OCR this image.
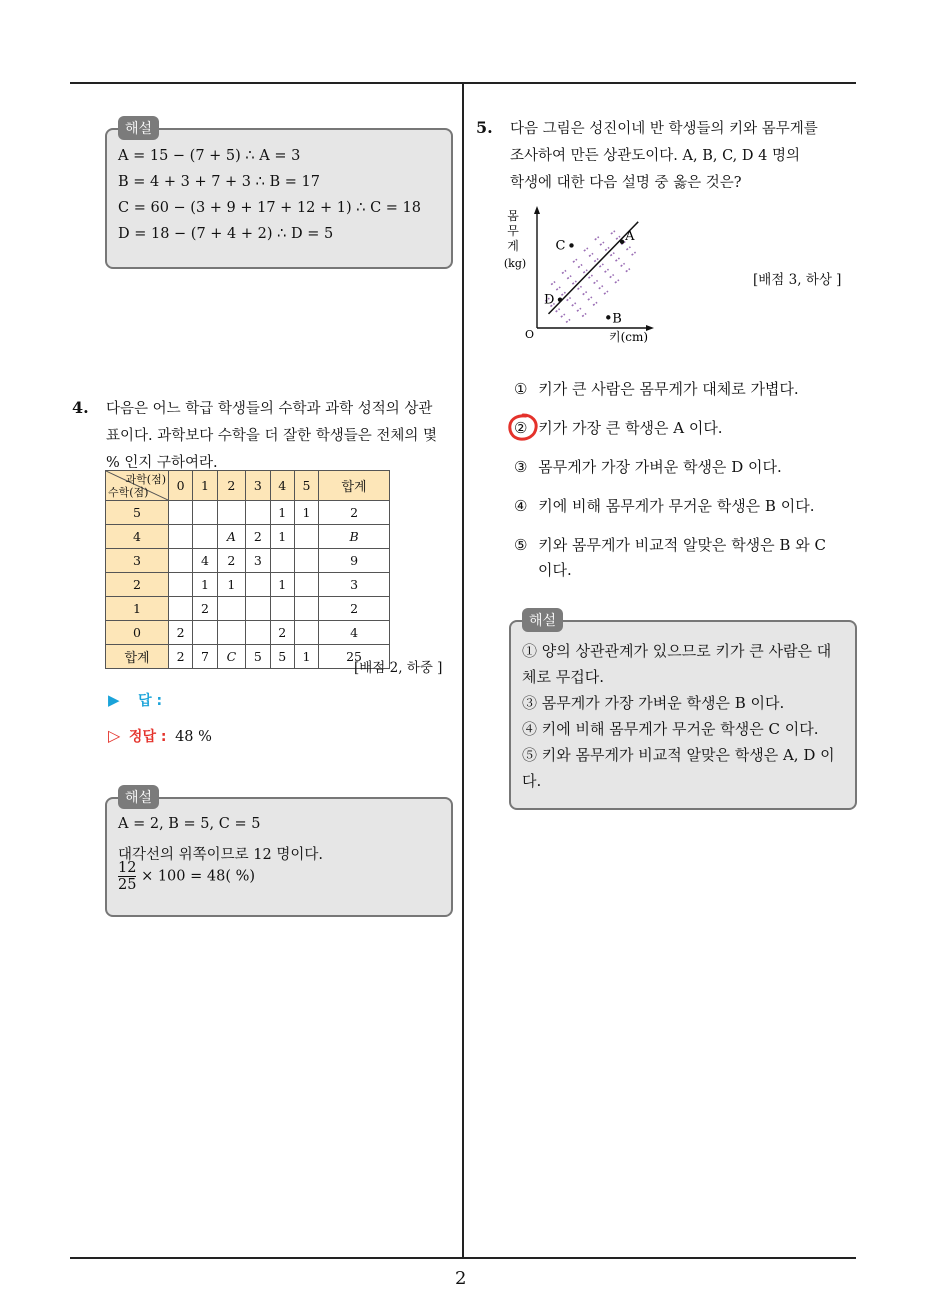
2
해설
A = 15 − (7 + 5) ∴ A = 3
B = 4 + 3 + 7 + 3 ∴ B = 17
C = 60 − (3 + 9 + 17 + 12 + 1) ∴ C = 18
D = 18 − (7 + 4 + 2) ∴ D = 5
4. 다음은 어느 학급 학생들의 수학과 과학 성적의 상관
표이다. 과학보다 수학을 더 잘한 학생들은 전체의 몇
% 인지 구하여라.
과학(점)
수학(점)	0	1	2	3	4	5	합계
5					1	1	2
4			A	2	1		B
3		4	2	3			9
2		1	1		1		3
1		2					2
0	2				2		4
합계	2	7	C	5	5	1	25
[배점 2, 하중 ]
▶ 답 :
▷ 정답 : 48 %
해설
A = 2, B = 5, C = 5
대각선의 위쪽이므로 12 명이다.
$\frac{12}{25} \times 100 = 48$( %)
5. 다음 그림은 성진이네 반 학생들의 키와 몸무게를
조사하여 만든 상관도이다. A, B, C, D 4 명의
학생에 대한 다음 설명 중 옳은 것은?
A
B
C
D
몸
무
게
(kg)
몸무게(kg)
O	키(cm)
[배점 3, 하상 ]
① 키가 큰 사람은 몸무게가 대체로 가볍다.
② 키가 가장 큰 학생은 A 이다.
③ 몸무게가 가장 가벼운 학생은 D 이다.
④ 키에 비해 몸무게가 무거운 학생은 B 이다.
⑤ 키와 몸무게가 비교적 알맞은 학생은 B 와 C
이다.
해설
① 양의 상관관계가 있으므로 키가 큰 사람은 대
체로 무겁다.
③ 몸무게가 가장 가벼운 학생은 B 이다.
④ 키에 비해 몸무게가 무거운 학생은 C 이다.
⑤ 키와 몸무게가 비교적 알맞은 학생은 A, D 이
다.
